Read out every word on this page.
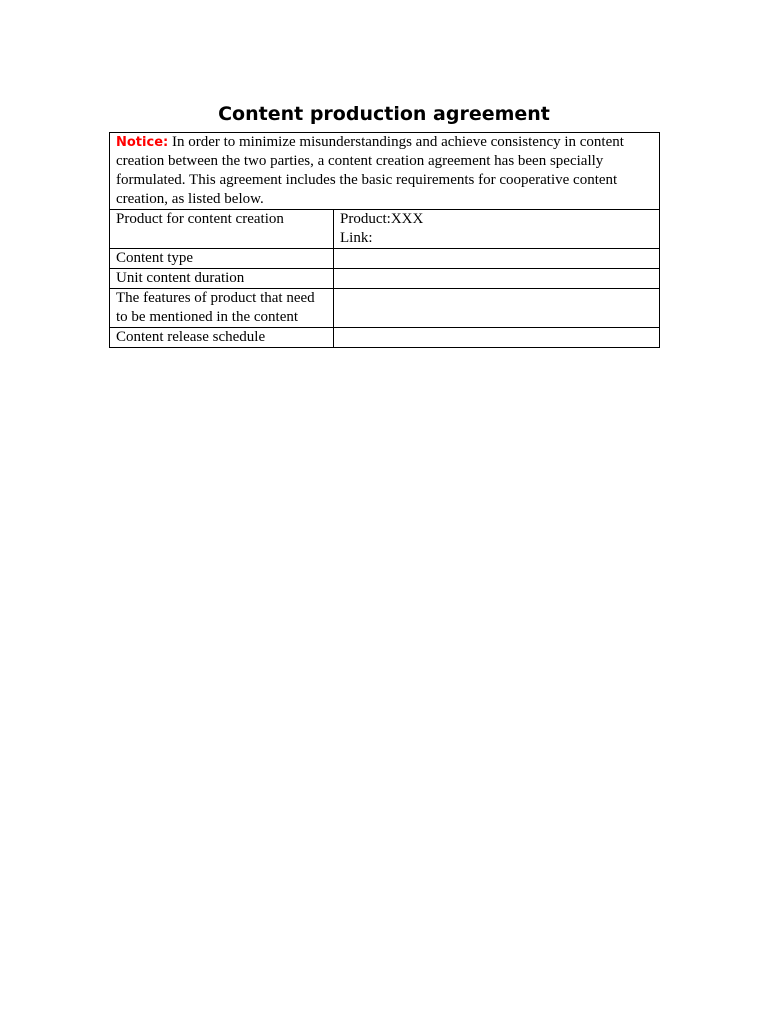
Content production agreement
Notice: In order to minimize misunderstandings and achieve consistency in content creation between the two parties, a content creation agreement has been specially formulated. This agreement includes the basic requirements for cooperative content creation, as listed below.	
Product for content creation	Product:XXX
Link:

Content type	
Unit content duration	
The features of product that need to be mentioned in the content	
Content release schedule	
